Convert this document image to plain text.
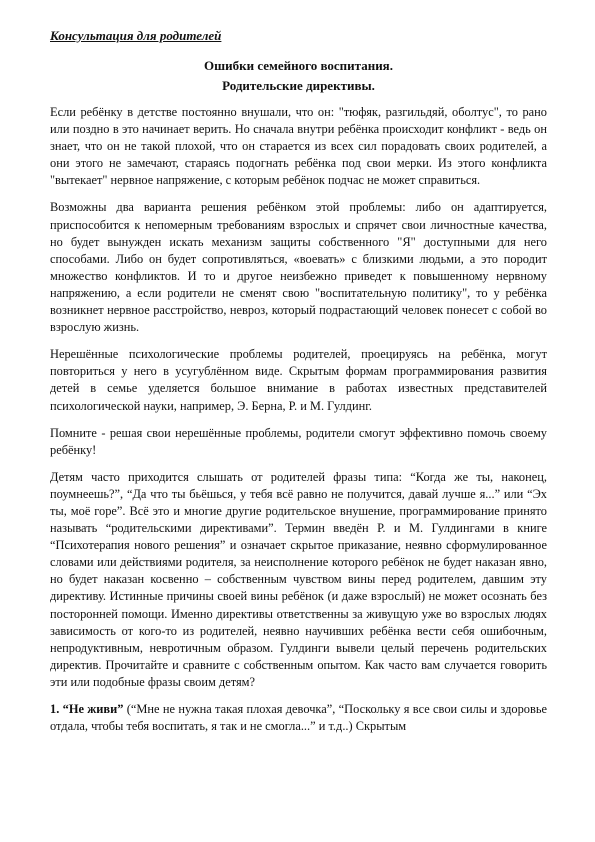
Консультация для родителей
Ошибки семейного воспитания.
Родительские директивы.

Если ребёнку в детстве постоянно внушали, что он: "тюфяк, разгильдяй, оболтус", то рано или поздно в это начинает верить. Но сначала внутри ребёнка происходит конфликт - ведь он знает, что он не такой плохой, что он старается из всех сил порадовать своих родителей, а они этого не замечают, стараясь подогнать ребёнка под свои мерки. Из этого конфликта "вытекает" нервное напряжение, с которым ребёнок подчас не может справиться.

Возможны два варианта решения ребёнком этой проблемы: либо он адаптируется, приспособится к непомерным требованиям взрослых и спрячет свои личностные качества, но будет вынужден искать механизм защиты собственного "Я" доступными для него способами. Либо он будет сопротивляться, «воевать» с близкими людьми, а это породит множество конфликтов. И то и другое неизбежно приведет к повышенному нервному напряжению, а если родители не сменят свою "воспитательную политику", то у ребёнка возникнет нервное расстройство, невроз, который подрастающий человек понесет с собой во взрослую жизнь.

Нерешённые психологические проблемы родителей, проецируясь на ребёнка, могут повториться у него в усугублённом виде. Скрытым формам программирования развития детей в семье уделяется большое внимание в работах известных представителей психологической науки, например, Э. Берна, Р. и М. Гулдинг.

Помните - решая свои нерешённые проблемы, родители смогут эффективно помочь своему ребёнку!

Детям часто приходится слышать от родителей фразы типа: “Когда же ты, наконец, поумнеешь?”, “Да что ты бьёшься, у тебя всё равно не получится, давай лучше я...” или “Эх ты, моё горе”. Всё это и многие другие родительское внушение, программирование принято называть “родительскими директивами”. Термин введён Р. и М. Гулдингами в книге “Психотерапия нового решения” и означает скрытое приказание, неявно сформулированное словами или действиями родителя, за неисполнение которого ребёнок не будет наказан явно, но будет наказан косвенно – собственным чувством вины перед родителем, давшим эту директиву. Истинные причины своей вины ребёнок (и даже взрослый) не может осознать без посторонней помощи. Именно директивы ответственны за живущую уже во взрослых людях зависимость от кого-то из родителей, неявно научивших ребёнка вести себя ошибочным, непродуктивным, невротичным образом. Гулдинги вывели целый перечень родительских директив. Прочитайте и сравните с собственным опытом. Как часто вам случается говорить эти или подобные фразы своим детям?

1. “Не живи” (“Мне не нужна такая плохая девочка”, “Поскольку я все свои силы и здоровье отдала, чтобы тебя воспитать, я так и не смогла...” и т.д..) Скрытым
